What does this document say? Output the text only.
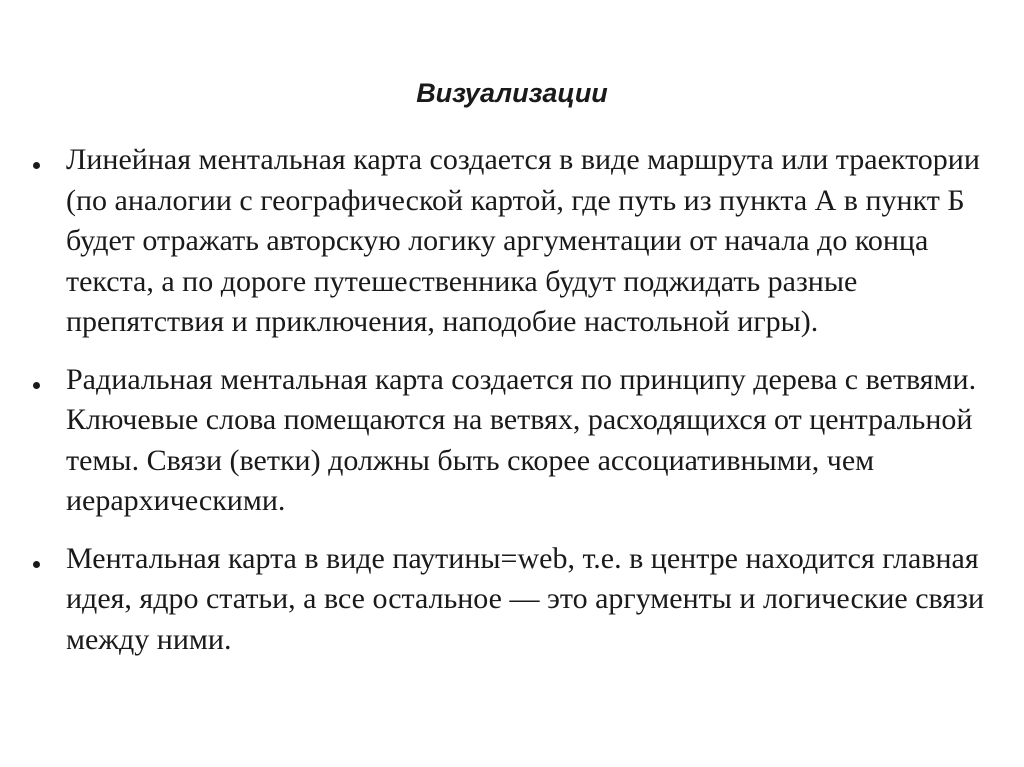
Визуализации
Линейная ментальная карта создается в виде маршрута или траектории (по аналогии с географической картой, где путь из пункта А в пункт Б будет отражать авторскую логику аргументации от начала до конца текста, а по дороге путешественника будут поджидать разные препятствия и приключения, наподобие настольной игры).
Радиальная ментальная карта создается по принципу дерева с ветвями. Ключевые слова помещаются на ветвях, расходящихся от центральной темы. Связи (ветки) должны быть скорее ассоциативными, чем иерархическими.
Ментальная карта в виде паутины=web, т.е. в центре находится главная идея, ядро статьи, а все остальное — это аргументы и логические связи между ними.
